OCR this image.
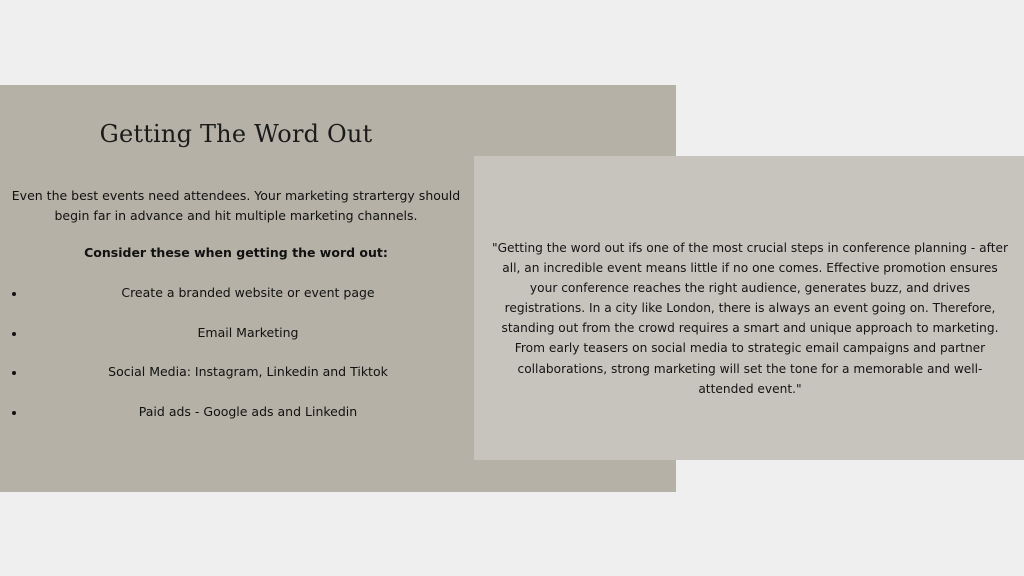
Getting The Word Out

Even the best events need attendees. Your marketing strartergy should begin far in advance and hit multiple marketing channels.

Consider these when getting the word out:

Create a branded website or event page
Email Marketing
Social Media: Instagram, Linkedin and Tiktok
Paid ads - Google ads and Linkedin

"Getting the word out ifs one of the most crucial steps in conference planning - after all, an incredible event means little if no one comes. Effective promotion ensures your conference reaches the right audience, generates buzz, and drives registrations. In a city like London, there is always an event going on. Therefore, standing out from the crowd requires a smart and unique approach to marketing. From early teasers on social media to strategic email campaigns and partner collaborations, strong marketing will set the tone for a memorable and well-attended event."
